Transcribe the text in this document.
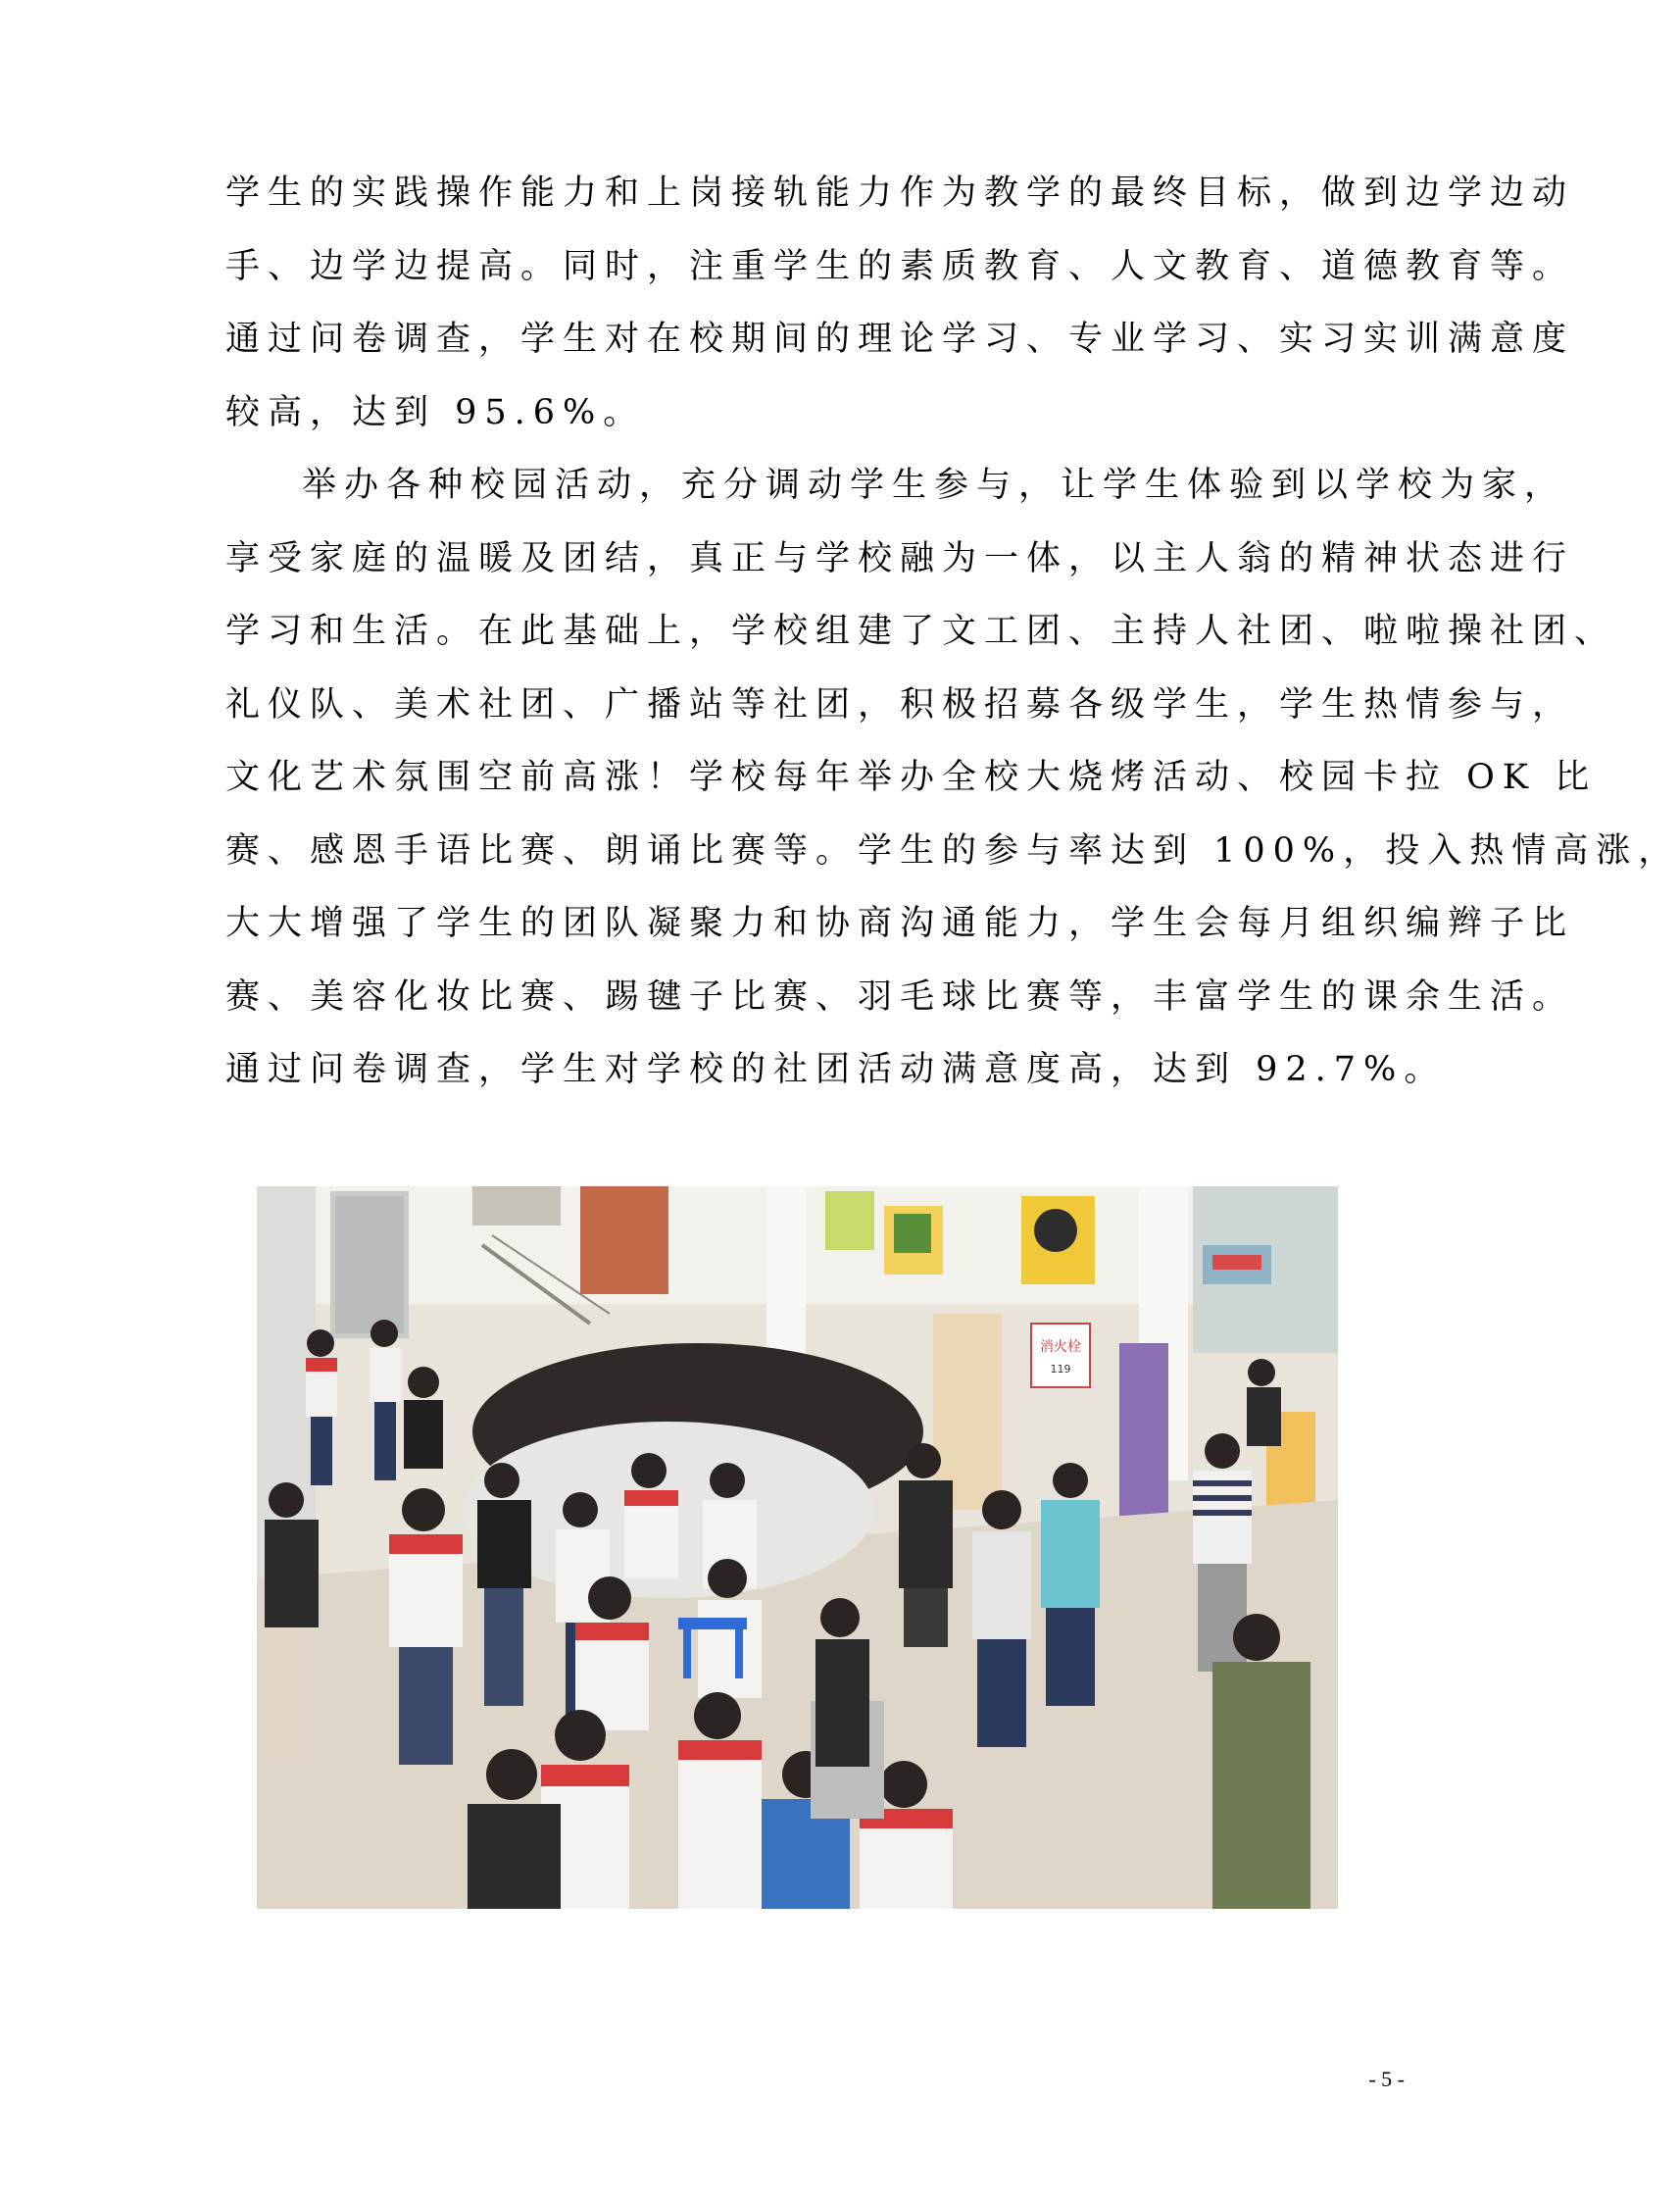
学生的实践操作能力和上岗接轨能力作为教学的最终目标，做到边学边动
手、边学边提高。同时，注重学生的素质教育、人文教育、道德教育等。
通过问卷调查，学生对在校期间的理论学习、专业学习、实习实训满意度
较高，达到 95.6%。
举办各种校园活动，充分调动学生参与，让学生体验到以学校为家，
享受家庭的温暖及团结，真正与学校融为一体，以主人翁的精神状态进行
学习和生活。在此基础上，学校组建了文工团、主持人社团、啦啦操社团、
礼仪队、美术社团、广播站等社团，积极招募各级学生，学生热情参与，
文化艺术氛围空前高涨！学校每年举办全校大烧烤活动、校园卡拉 OK 比
赛、感恩手语比赛、朗诵比赛等。学生的参与率达到 100%，投入热情高涨，
大大增强了学生的团队凝聚力和协商沟通能力，学生会每月组织编辫子比
赛、美容化妆比赛、踢毽子比赛、羽毛球比赛等，丰富学生的课余生活。
通过问卷调查，学生对学校的社团活动满意度高，达到 92.7%。
消火栓
119
- 5 -
